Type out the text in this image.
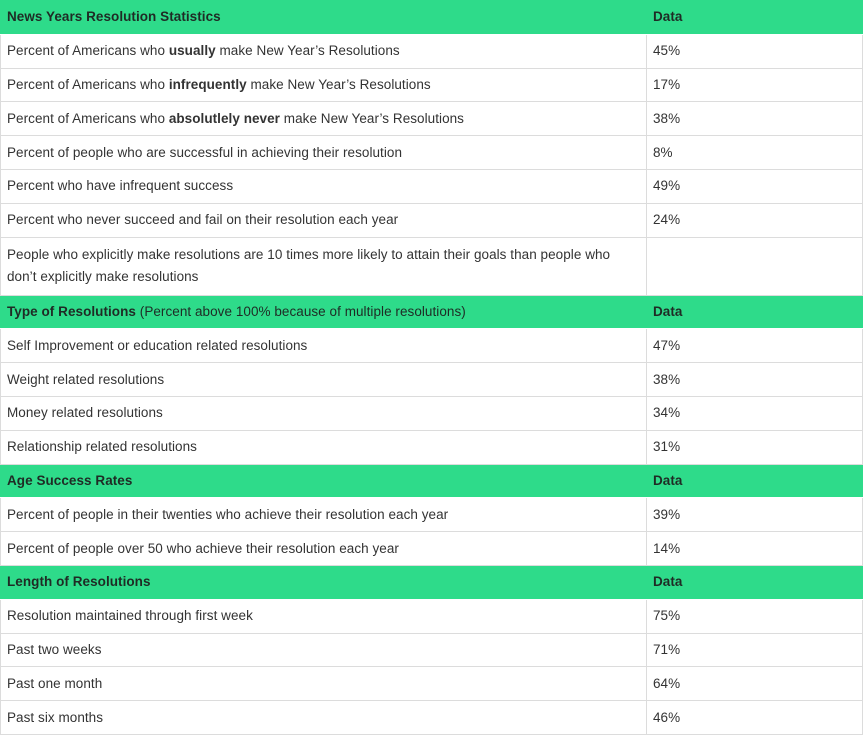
News Years Resolution Statistics	Data
Percent of Americans who usually make New Year’s Resolutions	45%
Percent of Americans who infrequently make New Year’s Resolutions	17%
Percent of Americans who absolutlely never make New Year’s Resolutions	38%
Percent of people who are successful in achieving their resolution	8%
Percent who have infrequent success	49%
Percent who never succeed and fail on their resolution each year	24%
People who explicitly make resolutions are 10 times more likely to attain their goals than people who don’t explicitly make resolutions	
Type of Resolutions (Percent above 100% because of multiple resolutions)	Data
Self Improvement or education related resolutions	47%
Weight related resolutions	38%
Money related resolutions	34%
Relationship related resolutions	31%
Age Success Rates	Data
Percent of people in their twenties who achieve their resolution each year	39%
Percent of people over 50 who achieve their resolution each year	14%
Length of Resolutions	Data
Resolution maintained through first week	75%
Past two weeks	71%
Past one month	64%
Past six months	46%
